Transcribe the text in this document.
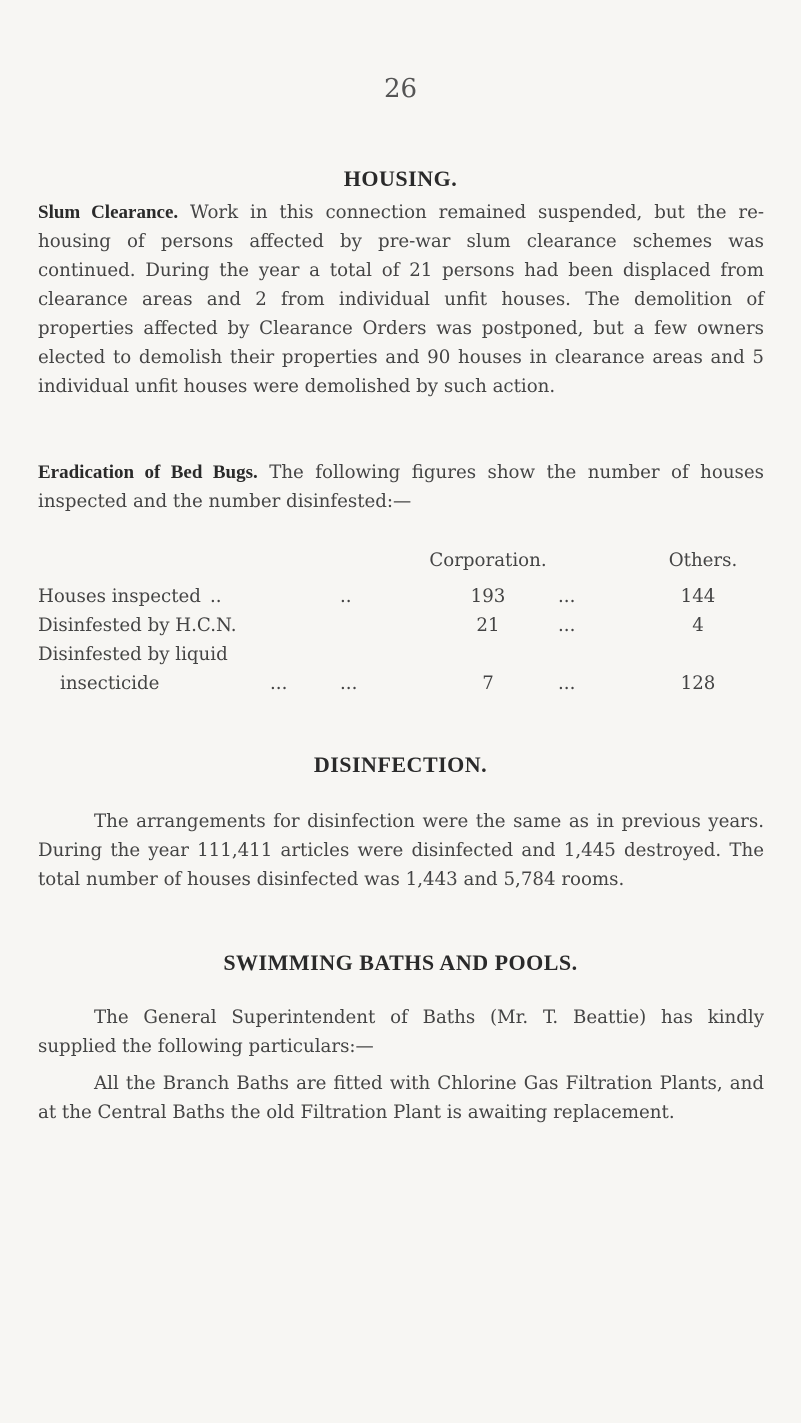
26
HOUSING.
Slum Clearance. Work in this connection remained suspended, but the re-housing of persons affected by pre-war slum clearance schemes was continued. During the year a total of 21 persons had been displaced from clearance areas and 2 from individual unfit houses. The demolition of properties affected by Clearance Orders was postponed, but a few owners elected to demolish their properties and 90 houses in clearance areas and 5 individual unfit houses were demolished by such action.
Eradication of Bed Bugs. The following figures show the number of houses inspected and the number disinfested:—
Corporation.	Others.
Houses inspected ..	..	193	...	144
Disinfested by H.C.N.	21	...	4
Disinfested by liquid
insecticide	...	...	7	...	128
DISINFECTION.
The arrangements for disinfection were the same as in previous years. During the year 111,411 articles were disinfected and 1,445 destroyed. The total number of houses disinfected was 1,443 and 5,784 rooms.
SWIMMING BATHS AND POOLS.
The General Superintendent of Baths (Mr. T. Beattie) has kindly supplied the following particulars:—
All the Branch Baths are fitted with Chlorine Gas Filtration Plants, and at the Central Baths the old Filtration Plant is awaiting replacement.
